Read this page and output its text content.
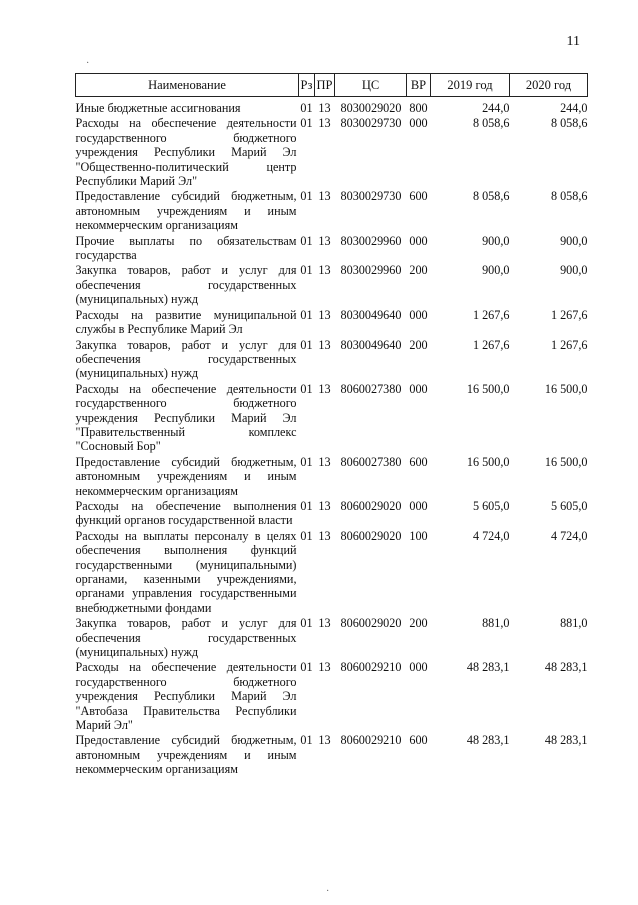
11
Наименование	Рз	ПР	ЦС	ВР	2019 год	2020 год
Иные бюджетные ассигнования	01	13	8030029020	800	244,0	244,0
Расходы на обеспечение деятельности государственного бюджетного учреждения Республики Марий Эл "Общественно-политический центр Республики Марий Эл"	01	13	8030029730	000	8 058,6	8 058,6
Предоставление субсидий бюджетным, автономным учреждениям и иным некоммерческим организациям	01	13	8030029730	600	8 058,6	8 058,6
Прочие выплаты по обязательствам государства	01	13	8030029960	000	900,0	900,0
Закупка товаров, работ и услуг для обеспечения государственных (муниципальных) нужд	01	13	8030029960	200	900,0	900,0
Расходы на развитие муниципальной службы в Республике Марий Эл	01	13	8030049640	000	1 267,6	1 267,6
Закупка товаров, работ и услуг для обеспечения государственных (муниципальных) нужд	01	13	8030049640	200	1 267,6	1 267,6
Расходы на обеспечение деятельности государственного бюджетного учреждения Республики Марий Эл "Правительственный комплекс "Сосновый Бор"	01	13	8060027380	000	16 500,0	16 500,0
Предоставление субсидий бюджетным, автономным учреждениям и иным некоммерческим организациям	01	13	8060027380	600	16 500,0	16 500,0
Расходы на обеспечение выполнения функций органов государственной власти	01	13	8060029020	000	5 605,0	5 605,0
Расходы на выплаты персоналу в целях обеспечения выполнения функций государственными (муниципальными) органами, казенными учреждениями, органами управления государственными внебюджетными фондами	01	13	8060029020	100	4 724,0	4 724,0
Закупка товаров, работ и услуг для обеспечения государственных (муниципальных) нужд	01	13	8060029020	200	881,0	881,0
Расходы на обеспечение деятельности государственного бюджетного учреждения Республики Марий Эл "Автобаза Правительства Республики Марий Эл"	01	13	8060029210	000	48 283,1	48 283,1
Предоставление субсидий бюджетным, автономным учреждениям и иным некоммерческим организациям	01	13	8060029210	600	48 283,1	48 283,1
·
·
